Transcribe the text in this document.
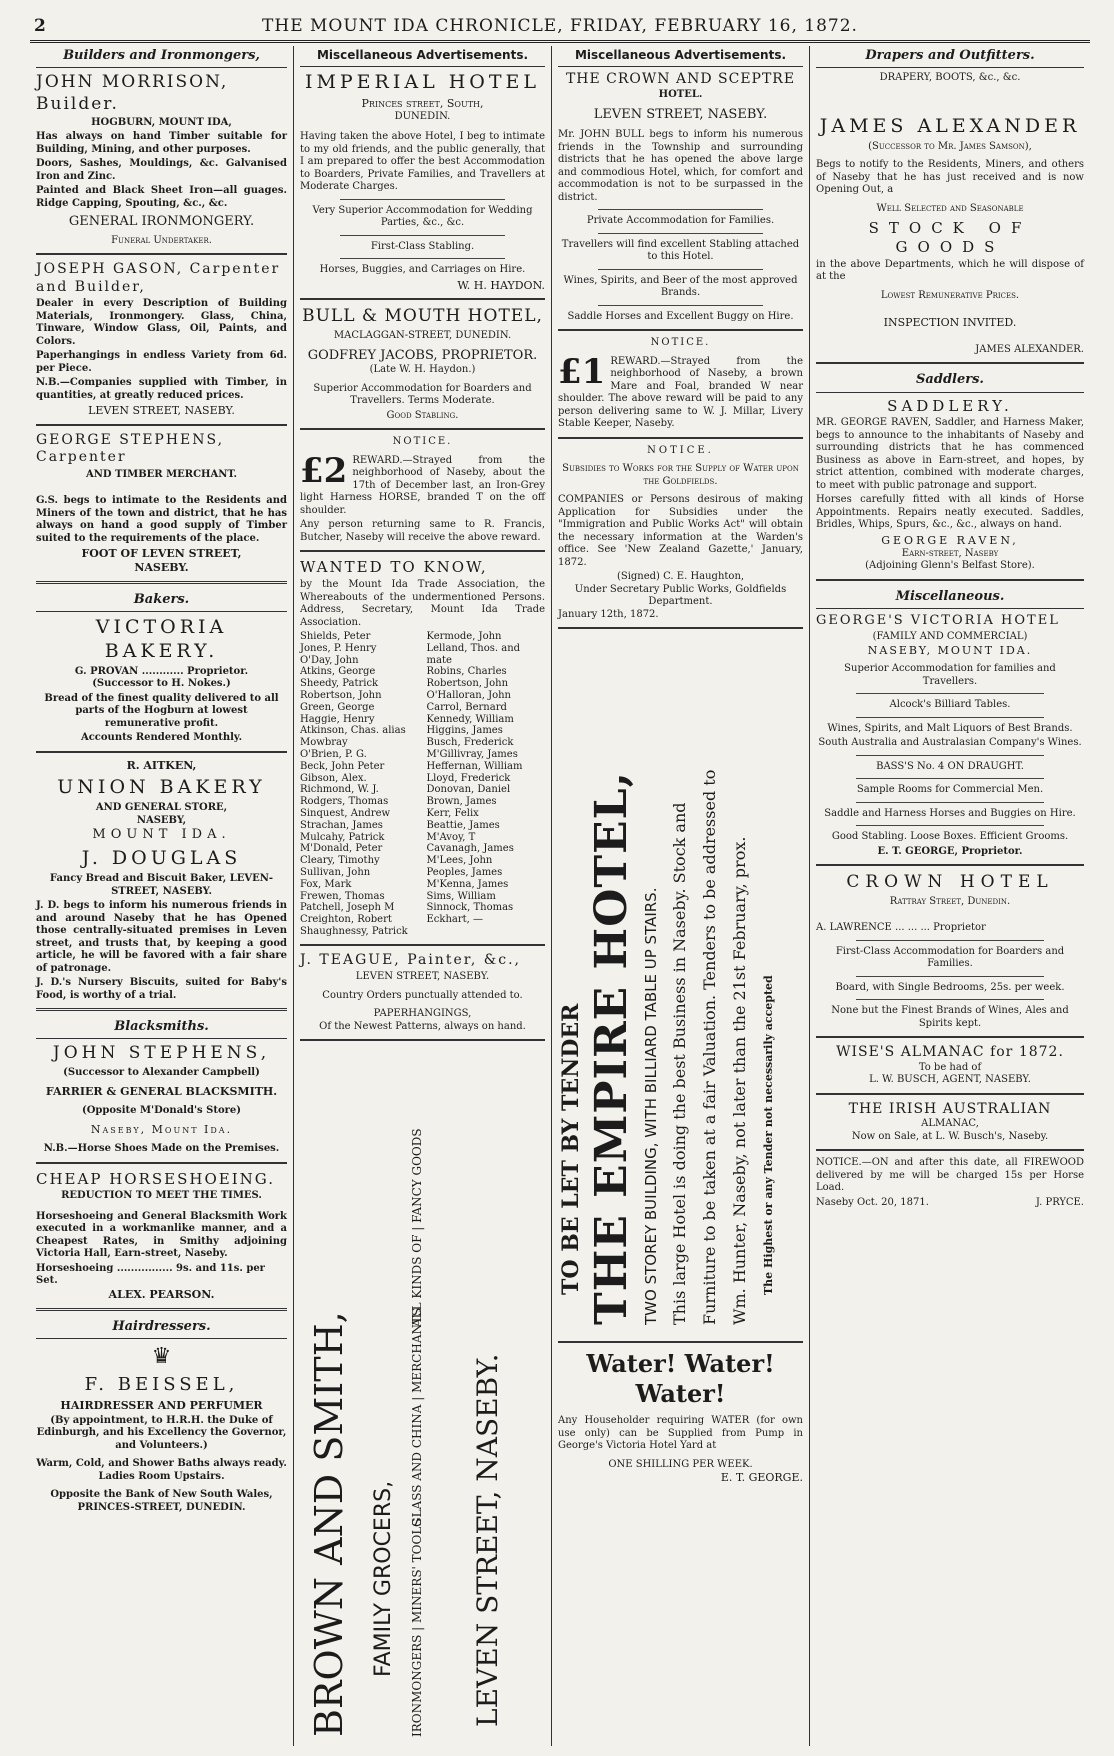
2	THE MOUNT IDA CHRONICLE, FRIDAY, FEBRUARY 16, 1872.
Builders and Ironmongers,
JOHN MORRISON, Builder.
HOGBURN, MOUNT IDA,

Has always on hand Timber suitable for Building, Mining, and other purposes.

Doors, Sashes, Mouldings, &c. Galvanised Iron and Zinc.

Painted and Black Sheet Iron—all guages. Ridge Capping, Spouting, &c., &c.

GENERAL IRONMONGERY.
Funeral Undertaker.
JOSEPH GASON, Carpenter and Builder,

Dealer in every Description of Building Materials, Ironmongery. Glass, China, Tinware, Window Glass, Oil, Paints, and Colors.

Paperhangings in endless Variety from 6d. per Piece.

N.B.—Companies supplied with Timber, in quantities, at greatly reduced prices.

LEVEN STREET, NASEBY.
GEORGE STEPHENS, Carpenter
AND TIMBER MERCHANT.

G.S. begs to intimate to the Residents and Miners of the town and district, that he has always on hand a good supply of Timber suited to the requirements of the place.

FOOT OF LEVEN STREET,
NASEBY.
Bakers.
VICTORIA BAKERY.
G. PROVAN ............ Proprietor.
(Successor to H. Nokes.)

Bread of the finest quality delivered to all parts of the Hogburn at lowest remunerative profit.

Accounts Rendered Monthly.
R. AITKEN,
UNION BAKERY
AND GENERAL STORE,
NASEBY,
MOUNT IDA.
J. DOUGLAS
Fancy Bread and Biscuit Baker, LEVEN-STREET, NASEBY.

J. D. begs to inform his numerous friends in and around Naseby that he has Opened those centrally-situated premises in Leven street, and trusts that, by keeping a good article, he will be favored with a fair share of patronage.

J. D.'s Nursery Biscuits, suited for Baby's Food, is worthy of a trial.

Blacksmiths.
JOHN STEPHENS,
(Successor to Alexander Campbell)
FARRIER & GENERAL BLACKSMITH.
(Opposite M'Donald's Store)
Naseby, Mount Ida.
N.B.—Horse Shoes Made on the Premises.
CHEAP HORSESHOEING.
REDUCTION TO MEET THE TIMES.

Horseshoeing and General Blacksmith Work executed in a workmanlike manner, and a Cheapest Rates, in Smithy adjoining Victoria Hall, Earn-street, Naseby.

Horseshoeing ................ 9s. and 11s. per Set.
ALEX. PEARSON.
Hairdressers.
♛
F. BEISSEL,
HAIRDRESSER AND PERFUMER

(By appointment, to H.R.H. the Duke of Edinburgh, and his Excellency the Governor, and Volunteers.)

Warm, Cold, and Shower Baths always ready.
Ladies Room Upstairs.
Opposite the Bank of New South Wales,
PRINCES-STREET, DUNEDIN.
Miscellaneous Advertisements.
IMPERIAL HOTEL
Princes street, South,
DUNEDIN.

Having taken the above Hotel, I beg to intimate to my old friends, and the public generally, that I am prepared to offer the best Accommodation to Boarders, Private Families, and Travellers at Moderate Charges.

Very Superior Accommodation for Wedding Parties, &c., &c.

First-Class Stabling.

Horses, Buggies, and Carriages on Hire.

W. H. HAYDON.
BULL & MOUTH HOTEL,
MACLAGGAN-STREET, DUNEDIN.
GODFREY JACOBS, PROPRIETOR.
(Late W. H. Haydon.)

Superior Accommodation for Boarders and Travellers. Terms Moderate.

Good Stabling.
NOTICE.
£2 REWARD.—Strayed from the neighborhood of Naseby, about the 17th of December last, an Iron-Grey light Harness HORSE, branded T on the off shoulder.

Any person returning same to R. Francis, Butcher, Naseby will receive the above reward.

WANTED TO KNOW,

by the Mount Ida Trade Association, the Whereabouts of the undermentioned Persons. Address, Secretary, Mount Ida Trade Association.

Shields, Peter
Jones, P. Henry
O'Day, John
Atkins, George
Sheedy, Patrick
Robertson, John
Green, George
Haggie, Henry
Atkinson, Chas. alias Mowbray
O'Brien, P. G.
Beck, John Peter
Gibson, Alex.
Richmond, W. J.
Rodgers, Thomas
Sinquest, Andrew
Strachan, James
Mulcahy, Patrick
M'Donald, Peter
Cleary, Timothy
Sullivan, John
Fox, Mark
Frewen, Thomas
Patchell, Joseph M
Creighton, Robert
Shaughnessy, Patrick
Kermode, John
Lelland, Thos. and mate
Robins, Charles
Robertson, John
O'Halloran, John
Carrol, Bernard
Kennedy, William
Higgins, James
Busch, Frederick
M'Gillivray, James
Heffernan, William
Lloyd, Frederick
Donovan, Daniel
Brown, James
Kerr, Felix
Beattie, James
M'Avoy, T
Cavanagh, James
M'Lees, John
Peoples, James
M'Kenna, James
Sims, William
Sinnock, Thomas
Eckhart, —
J. TEAGUE, Painter, &c.,
LEVEN STREET, NASEBY.
Country Orders punctually attended to.
PAPERHANGINGS,
Of the Newest Patterns, always on hand.
BROWN AND SMITH, FAMILY GROCERS, IRONMONGERS | MINERS' TOOLS
GLASS AND CHINA | MERCHANTS
ALL KINDS OF | FANCY GOODS
LEVEN STREET, NASEBY.
Miscellaneous Advertisements.
THE CROWN AND SCEPTRE
HOTEL.
LEVEN STREET, NASEBY.

Mr. JOHN BULL begs to inform his numerous friends in the Township and surrounding districts that he has opened the above large and commodious Hotel, which, for comfort and accommodation is not to be surpassed in the district.

Private Accommodation for Families.

Travellers will find excellent Stabling attached to this Hotel.

Wines, Spirits, and Beer of the most approved Brands.

Saddle Horses and Excellent Buggy on Hire.

NOTICE.
£1 REWARD.—Strayed from the neighborhood of Naseby, a brown Mare and Foal, branded W near shoulder. The above reward will be paid to any person delivering same to W. J. Millar, Livery Stable Keeper, Naseby.

NOTICE.
Subsidies to Works for the Supply of Water upon the Goldfields.

COMPANIES or Persons desirous of making Application for Subsidies under the "Immigration and Public Works Act" will obtain the necessary information at the Warden's office. See 'New Zealand Gazette,' January, 1872.

(Signed) C. E. Haughton,
Under Secretary Public Works, Goldfields Department.
January 12th, 1872.
TO BE LET BY TENDER THE EMPIRE HOTEL, TWO STOREY BUILDING, WITH BILLIARD TABLE UP STAIRS. This large Hotel is doing the best Business in Naseby. Stock and Furniture to be taken at a fair Valuation. Tenders to be addressed to Wm. Hunter, Naseby, not later than the 21st February, prox. The Highest or any Tender not necessarily accepted
Water! Water! Water!

Any Householder requiring WATER (for own use only) can be Supplied from Pump in George's Victoria Hotel Yard at

ONE SHILLING PER WEEK.
E. T. GEORGE.
Drapers and Outfitters.
DRAPERY, BOOTS, &c., &c.
JAMES ALEXANDER
(Successor to Mr. James Samson),

Begs to notify to the Residents, Miners, and others of Naseby that he has just received and is now Opening Out, a

Well Selected and Seasonable
STOCK OF GOODS

in the above Departments, which he will dispose of at the

Lowest Remunerative Prices.
INSPECTION INVITED.
JAMES ALEXANDER.
Saddlers.
SADDLERY.

MR. GEORGE RAVEN, Saddler, and Harness Maker, begs to announce to the inhabitants of Naseby and surrounding districts that he has commenced Business as above in Earn-street, and hopes, by strict attention, combined with moderate charges, to meet with public patronage and support.

Horses carefully fitted with all kinds of Horse Appointments. Repairs neatly executed. Saddles, Bridles, Whips, Spurs, &c., &c., always on hand.

GEORGE RAVEN,
Earn-street, Naseby
(Adjoining Glenn's Belfast Store).
Miscellaneous.
GEORGE'S VICTORIA HOTEL
(FAMILY AND COMMERCIAL)
NASEBY, MOUNT IDA.

Superior Accommodation for families and Travellers.

Alcock's Billiard Tables.

Wines, Spirits, and Malt Liquors of Best Brands.

South Australia and Australasian Company's Wines.

BASS'S No. 4 ON DRAUGHT.

Sample Rooms for Commercial Men.

Saddle and Harness Horses and Buggies on Hire.

Good Stabling. Loose Boxes. Efficient Grooms.

E. T. GEORGE, Proprietor.
CROWN HOTEL
Rattray Street, Dunedin.
A. LAWRENCE ... ... ... Proprietor

First-Class Accommodation for Boarders and Families.

Board, with Single Bedrooms, 25s. per week.

None but the Finest Brands of Wines, Ales and Spirits kept.

WISE'S ALMANAC for 1872.
To be had of
L. W. BUSCH, AGENT, NASEBY.
THE IRISH AUSTRALIAN
ALMANAC,
Now on Sale, at L. W. Busch's, Naseby.

NOTICE.—ON and after this date, all FIREWOOD delivered by me will be charged 15s per Horse Load.

Naseby Oct. 20, 1871.	J. PRYCE.
